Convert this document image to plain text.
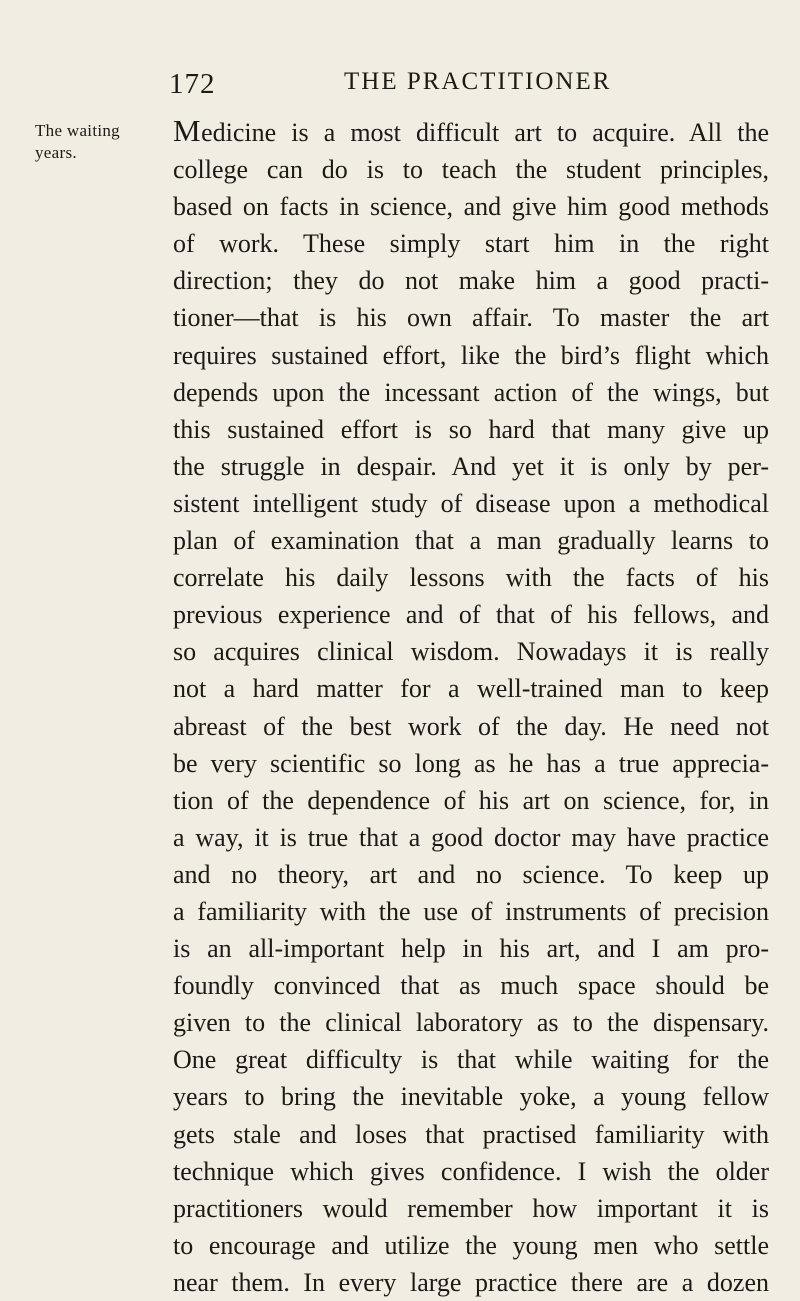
172	THE PRACTITIONER
The waiting
years.
Medicine is a most difficult art to acquire. All the
college can do is to teach the student principles,
based on facts in science, and give him good methods
of work. These simply start him in the right
direction; they do not make him a good practi-
tioner—that is his own affair. To master the art
requires sustained effort, like the bird’s flight which
depends upon the incessant action of the wings, but
this sustained effort is so hard that many give up
the struggle in despair. And yet it is only by per-
sistent intelligent study of disease upon a methodical
plan of examination that a man gradually learns to
correlate his daily lessons with the facts of his
previous experience and of that of his fellows, and
so acquires clinical wisdom. Nowadays it is really
not a hard matter for a well-trained man to keep
abreast of the best work of the day. He need not
be very scientific so long as he has a true apprecia-
tion of the dependence of his art on science, for, in
a way, it is true that a good doctor may have practice
and no theory, art and no science. To keep up
a familiarity with the use of instruments of precision
is an all-important help in his art, and I am pro-
foundly convinced that as much space should be
given to the clinical laboratory as to the dispensary.
One great difficulty is that while waiting for the
years to bring the inevitable yoke, a young fellow
gets stale and loses that practised familiarity with
technique which gives confidence. I wish the older
practitioners would remember how important it is
to encourage and utilize the young men who settle
near them. In every large practice there are a dozen
